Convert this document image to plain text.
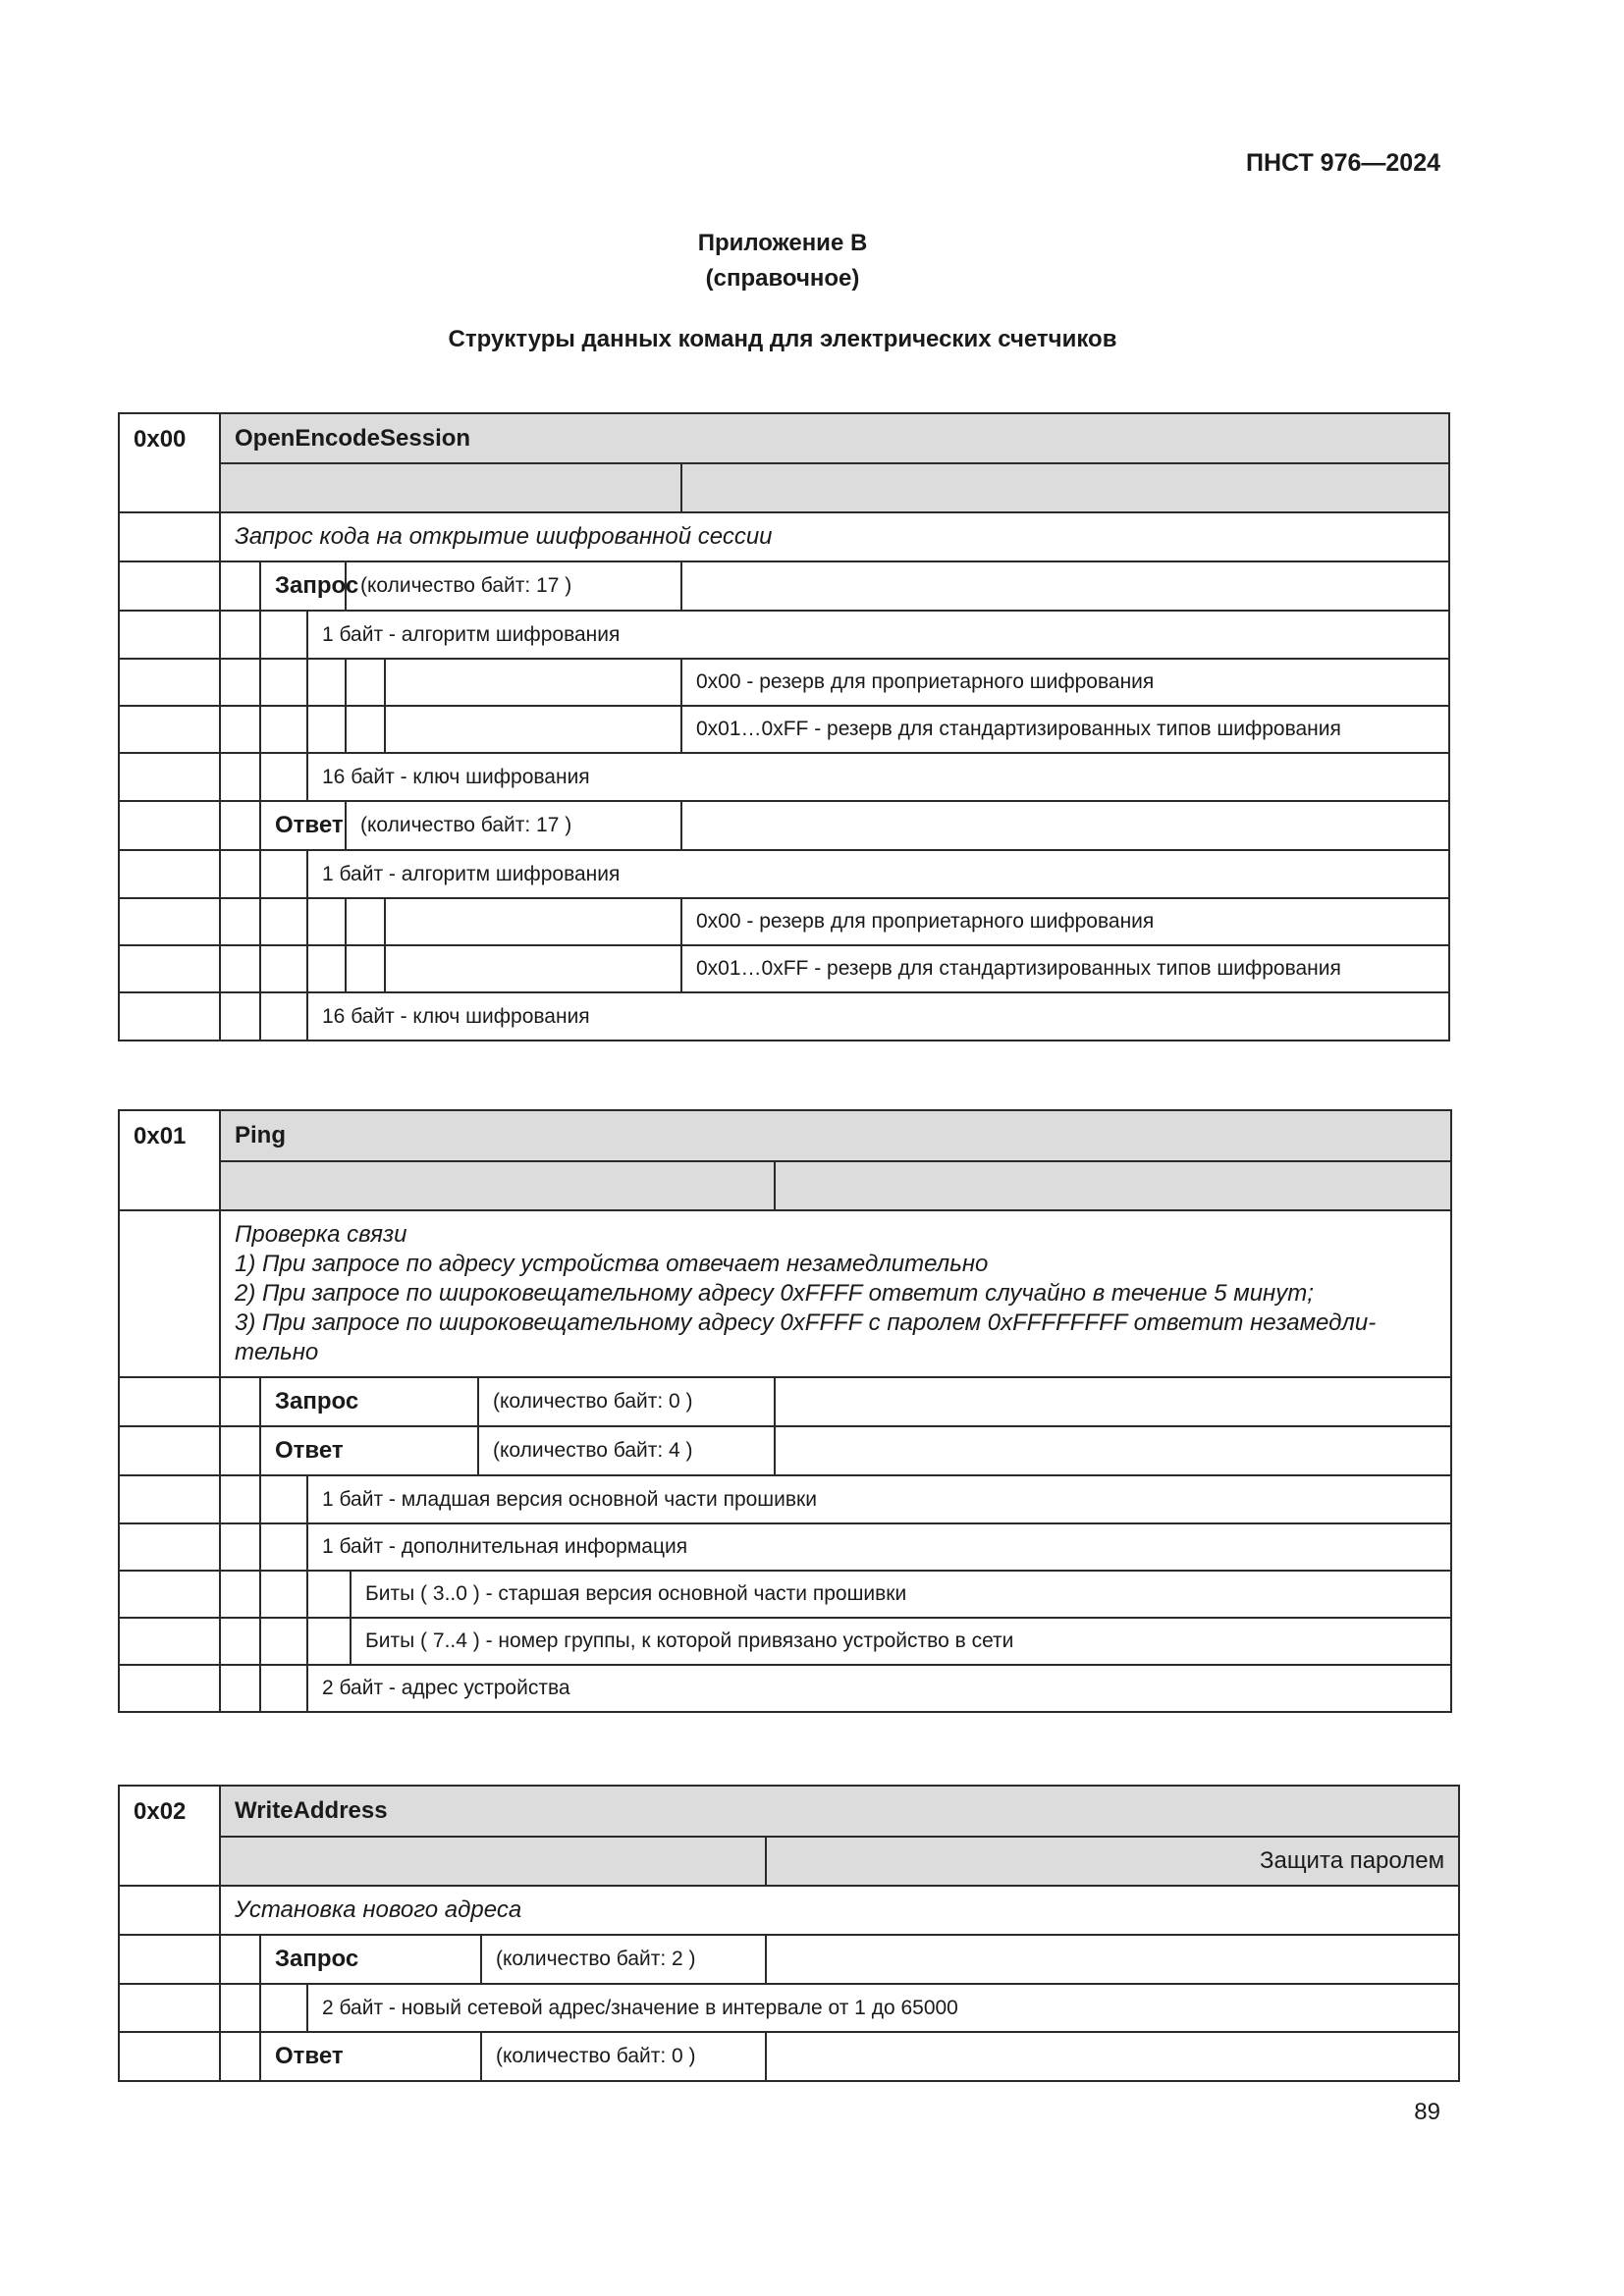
ПНСТ 976—2024
Приложение В
(справочное)
Структуры данных команд для электрических счетчиков
0x00	OpenEncodeSession					

	Запрос кода на открытие шифрованной сессии					
		Запрос		(количество байт: 17 )		
			1 байт - алгоритм шифрования			
						0x00 - резерв для проприетарного шифрования
						0x01…0xFF - резерв для стандартизированных типов шифрования
			16 байт - ключ шифрования			
		Ответ		(количество байт: 17 )		
			1 байт - алгоритм шифрования			
						0x00 - резерв для проприетарного шифрования
						0x01…0xFF - резерв для стандартизированных типов шифрования
			16 байт - ключ шифрования			
0x01	Ping					

	Проверка связи
1) При запросе по адресу устройства отвечает незамедлительно
2) При запросе по широковещательному адресу 0xFFFF ответит случайно в течение 5 минут;
3) При запросе по широковещательному адресу 0xFFFF с паролем 0xFFFFFFFF ответит незамедли-
тельно					

		Запрос			(количество байт: 0 )	
		Ответ			(количество байт: 4 )	
			1 байт - младшая версия основной части прошивки			
			1 байт - дополнительная информация			
				Биты ( 3..0 ) - старшая версия основной части прошивки		
				Биты ( 7..4 ) - номер группы, к которой привязано устройство в сети		
			2 байт - адрес устройства			
0x02	WriteAddress				
					Защита паролем
	Установка нового адреса				
		Запрос		(количество байт: 2 )	
			2 байт - новый сетевой адрес/значение в интервале от 1 до 65000		
		Ответ		(количество байт: 0 )	
89
